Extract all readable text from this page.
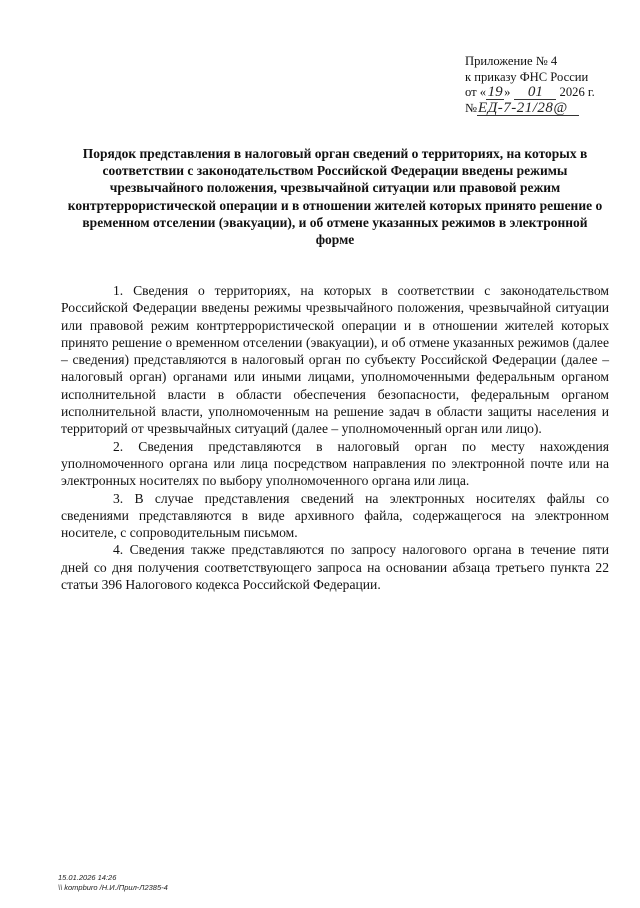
Приложение № 4
к приказу ФНС России
от « 19 » 01 2026 г.
№ЕД-7-21/28@
Порядок представления в налоговый орган сведений о территориях, на которых в соответствии с законодательством Российской Федерации введены режимы чрезвычайного положения, чрезвычайной ситуации или правовой режим контртеррористической операции и в отношении жителей которых принято решение о временном отселении (эвакуации), и об отмене указанных режимов в электронной форме

1. Сведения о территориях, на которых в соответствии с законодательством Российской Федерации введены режимы чрезвычайного положения, чрезвычайной ситуации или правовой режим контртеррористической операции и в отношении жителей которых принято решение о временном отселении (эвакуации), и об отмене указанных режимов (далее – сведения) представляются в налоговый орган по субъекту Российской Федерации (далее – налоговый орган) органами или иными лицами, уполномоченными федеральным органом исполнительной власти в области обеспечения безопасности, федеральным органом исполнительной власти, уполномоченным на решение задач в области защиты населения и территорий от чрезвычайных ситуаций (далее – уполномоченный орган или лицо).

2. Сведения представляются в налоговый орган по месту нахождения уполномоченного органа или лица посредством направления по электронной почте или на электронных носителях по выбору уполномоченного органа или лица.

3. В случае представления сведений на электронных носителях файлы со сведениями представляются в виде архивного файла, содержащегося на электронном носителе, с сопроводительным письмом.

4. Сведения также представляются по запросу налогового органа в течение пяти дней со дня получения соответствующего запроса на основании абзаца третьего пункта 22 статьи 396 Налогового кодекса Российской Федерации.

15.01.2026 14:26
\\ kompburo /Н.И./Прил-Л2385-4
